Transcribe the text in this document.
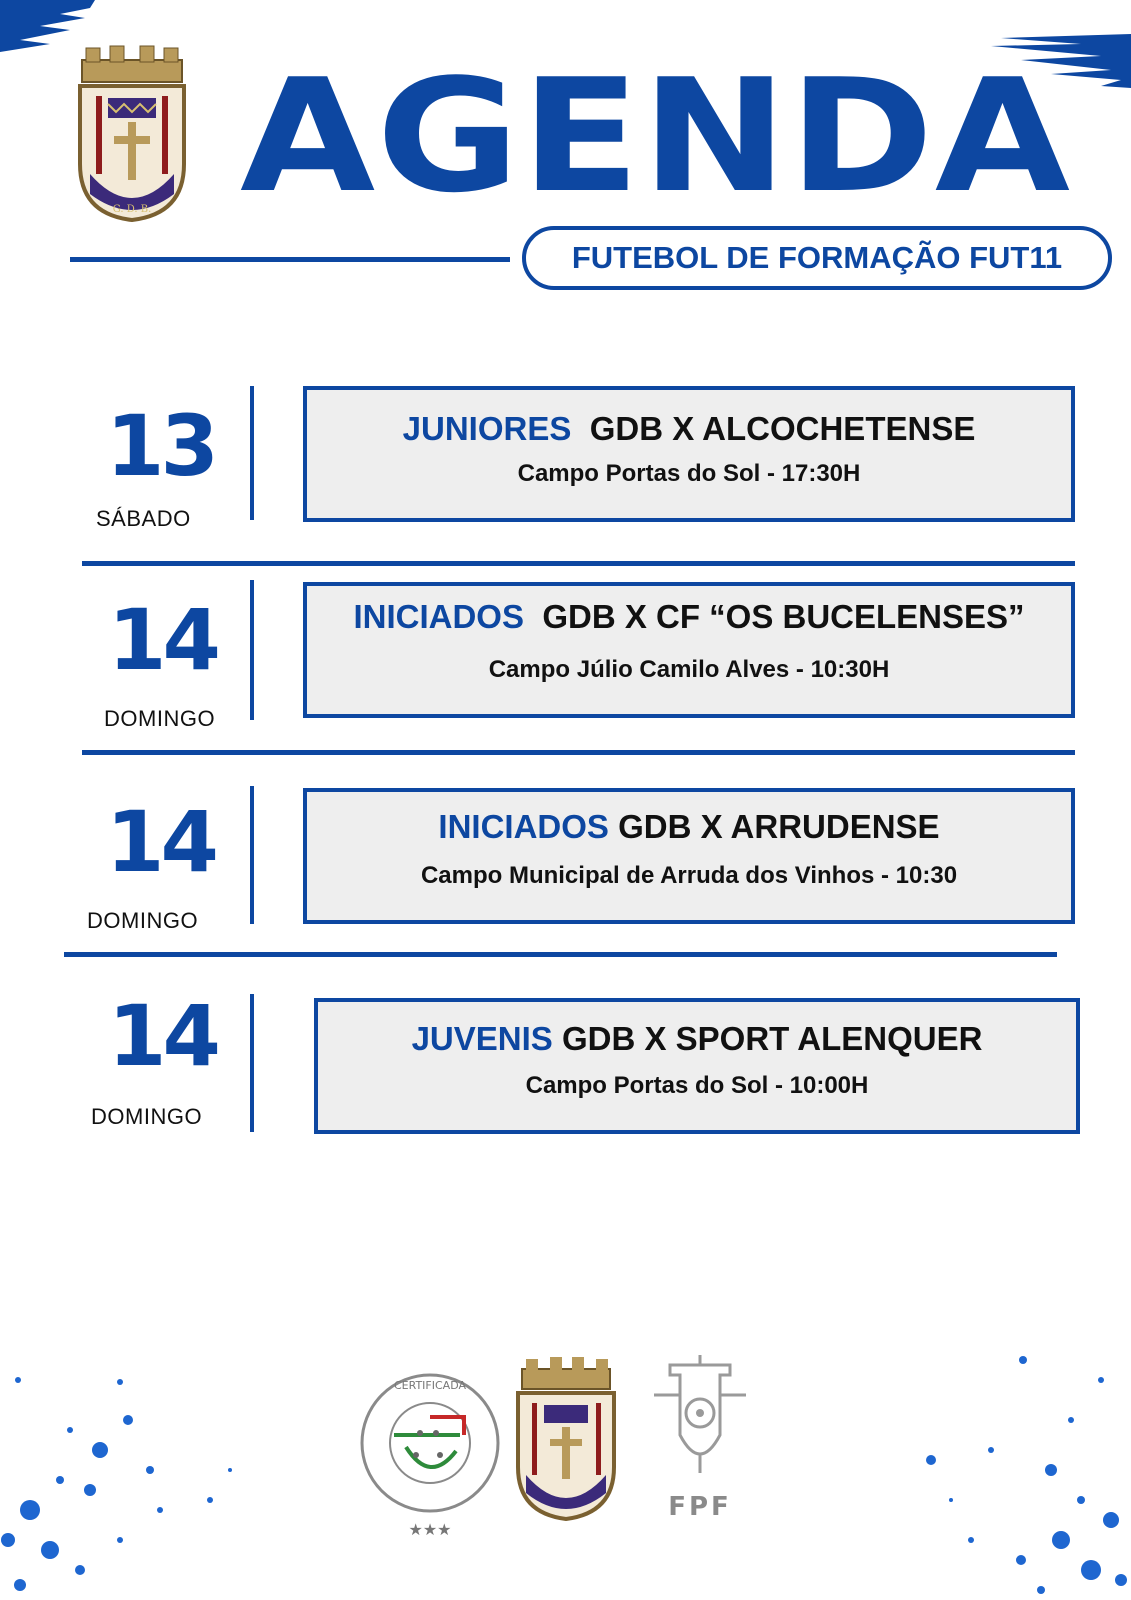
G. D. B. AGENDA
FUTEBOL DE FORMAÇÃO FUT11
13
SÁBADO
JUNIORES GDB X ALCOCHETENSE
Campo Portas do Sol - 17:30H
14
DOMINGO
INICIADOS GDB X CF “OS BUCELENSES”
Campo Júlio Camilo Alves - 10:30H
14
DOMINGO
INICIADOS GDB X ARRUDENSE
Campo Municipal de Arruda dos Vinhos - 10:30
14
DOMINGO
JUVENIS GDB X SPORT ALENQUER
Campo Portas do Sol - 10:00H
CERTIFICADA
★★★
FPF
